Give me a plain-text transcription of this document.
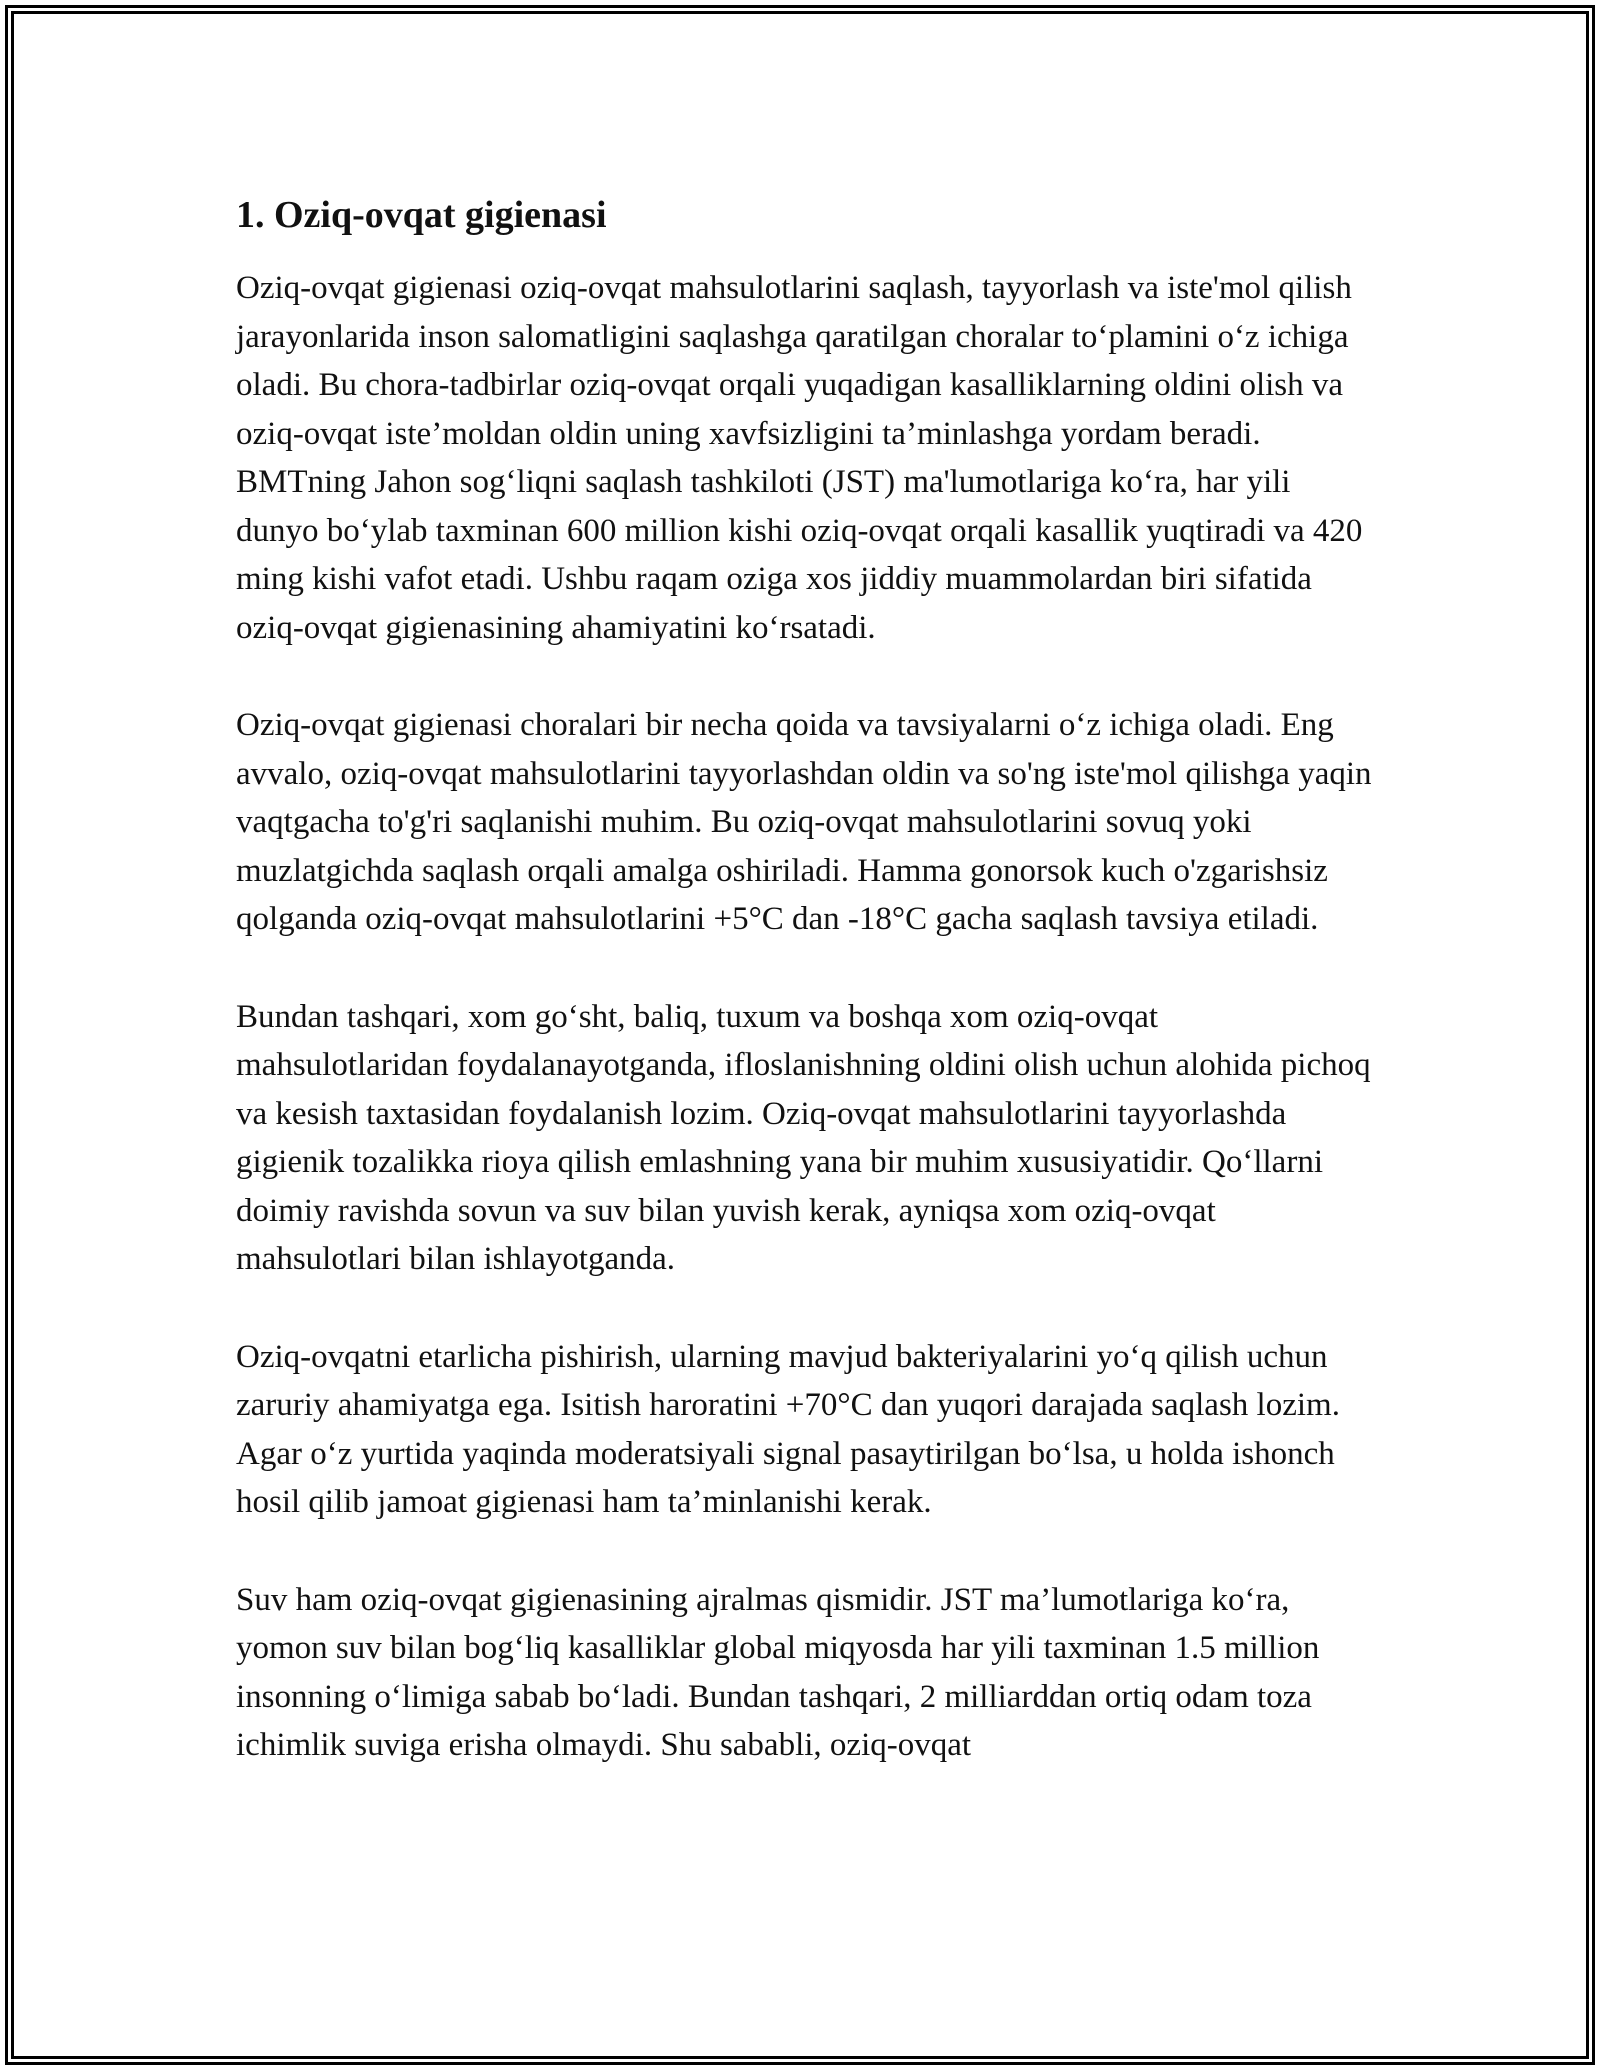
1. Oziq-ovqat gigienasi

Oziq-ovqat gigienasi oziq-ovqat mahsulotlarini saqlash, tayyorlash va iste'mol qilish jarayonlarida inson salomatligini saqlashga qaratilgan choralar to‘plamini o‘z ichiga oladi. Bu chora-tadbirlar oziq-ovqat orqali yuqadigan kasalliklarning oldini olish va oziq-ovqat iste’moldan oldin uning xavfsizligini ta’minlashga yordam beradi. BMTning Jahon sog‘liqni saqlash tashkiloti (JST) ma'lumotlariga ko‘ra, har yili dunyo bo‘ylab taxminan 600 million kishi oziq-ovqat orqali kasallik yuqtiradi va 420 ming kishi vafot etadi. Ushbu raqam oziga xos jiddiy muammolardan biri sifatida oziq-ovqat gigienasining ahamiyatini ko‘rsatadi.

Oziq-ovqat gigienasi choralari bir necha qoida va tavsiyalarni o‘z ichiga oladi. Eng avvalo, oziq-ovqat mahsulotlarini tayyorlashdan oldin va so'ng iste'mol qilishga yaqin vaqtgacha to'g'ri saqlanishi muhim. Bu oziq-ovqat mahsulotlarini sovuq yoki muzlatgichda saqlash orqali amalga oshiriladi. Hamma gonorsok kuch o'zgarishsiz qolganda oziq-ovqat mahsulotlarini +5°C dan -18°C gacha saqlash tavsiya etiladi.

Bundan tashqari, xom go‘sht, baliq, tuxum va boshqa xom oziq-ovqat mahsulotlaridan foydalanayotganda, ifloslanishning oldini olish uchun alohida pichoq va kesish taxtasidan foydalanish lozim. Oziq-ovqat mahsulotlarini tayyorlashda gigienik tozalikka rioya qilish emlashning yana bir muhim xususiyatidir. Qo‘llarni doimiy ravishda sovun va suv bilan yuvish kerak, ayniqsa xom oziq-ovqat mahsulotlari bilan ishlayotganda.

Oziq-ovqatni etarlicha pishirish, ularning mavjud bakteriyalarini yo‘q qilish uchun zaruriy ahamiyatga ega. Isitish haroratini +70°C dan yuqori darajada saqlash lozim. Agar o‘z yurtida yaqinda moderatsiyali signal pasaytirilgan bo‘lsa, u holda ishonch hosil qilib jamoat gigienasi ham ta’minlanishi kerak.

Suv ham oziq-ovqat gigienasining ajralmas qismidir. JST ma’lumotlariga ko‘ra, yomon suv bilan bog‘liq kasalliklar global miqyosda har yili taxminan 1.5 million insonning o‘limiga sabab bo‘ladi. Bundan tashqari, 2 milliarddan ortiq odam toza ichimlik suviga erisha olmaydi. Shu sababli, oziq-ovqat
